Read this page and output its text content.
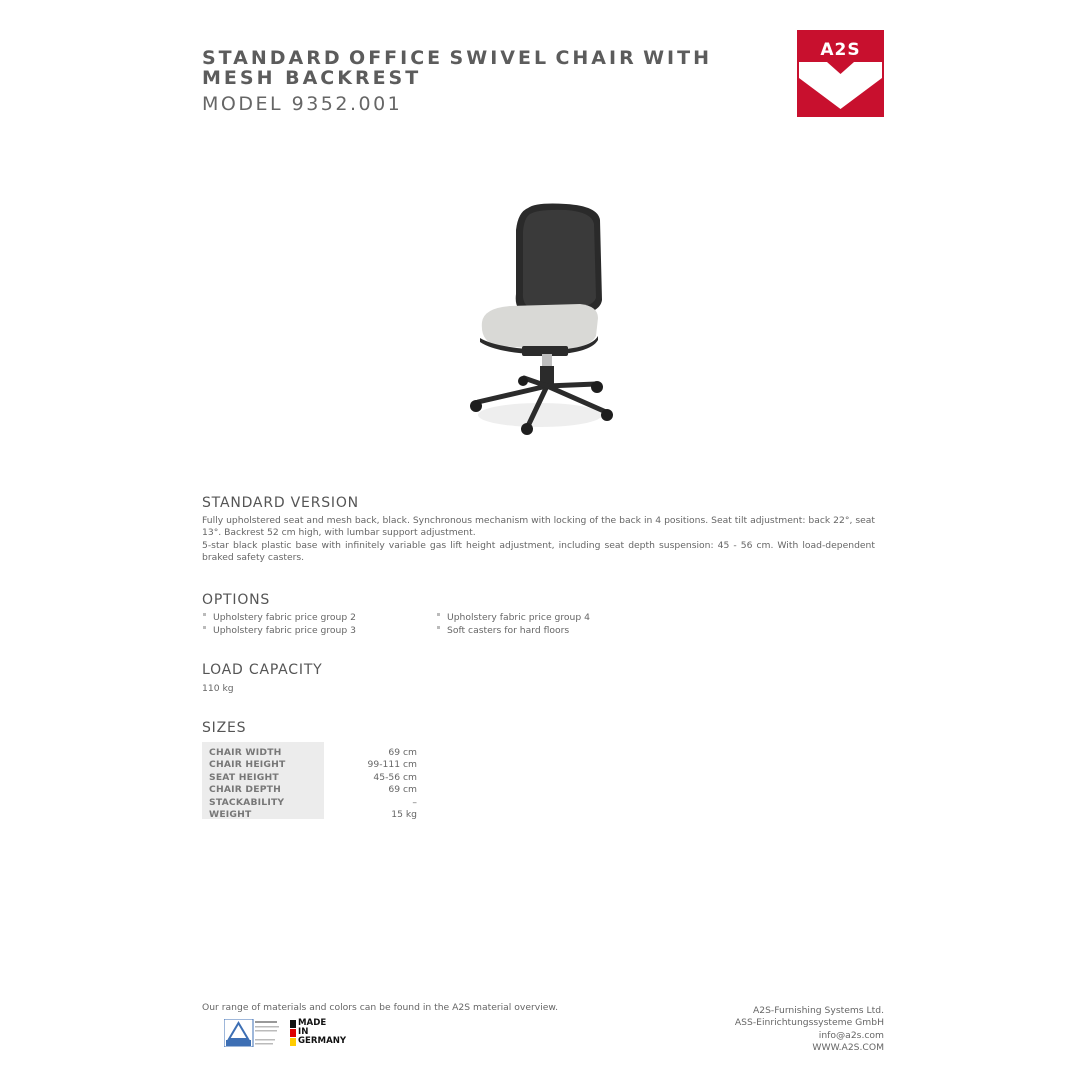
STANDARD OFFICE SWIVEL CHAIR WITH
MESH BACKREST
MODEL 9352.001
A2S
STANDARD VERSION
Fully upholstered seat and mesh back, black. Synchronous mechanism with locking of the back in 4 positions. Seat tilt adjustment: back 22°, seat 13°. Backrest 52 cm high, with lumbar support adjustment.
5-star black plastic base with infinitely variable gas lift height adjustment, including seat depth suspension: 45 - 56 cm. With load-dependent braked safety casters.
OPTIONS
Upholstery fabric price group 2
Upholstery fabric price group 3
Upholstery fabric price group 4
Soft casters for hard floors
LOAD CAPACITY
110 kg
SIZES
CHAIR WIDTH	69 cm
CHAIR HEIGHT	99-111 cm
SEAT HEIGHT	45-56 cm
CHAIR DEPTH	69 cm
STACKABILITY	–
WEIGHT	15 kg
Our range of materials and colors can be found in the A2S material overview.
MADE
IN
GERMANY
A2S-Furnishing Systems Ltd.
ASS-Einrichtungssysteme GmbH
info@a2s.com
WWW.A2S.COM
